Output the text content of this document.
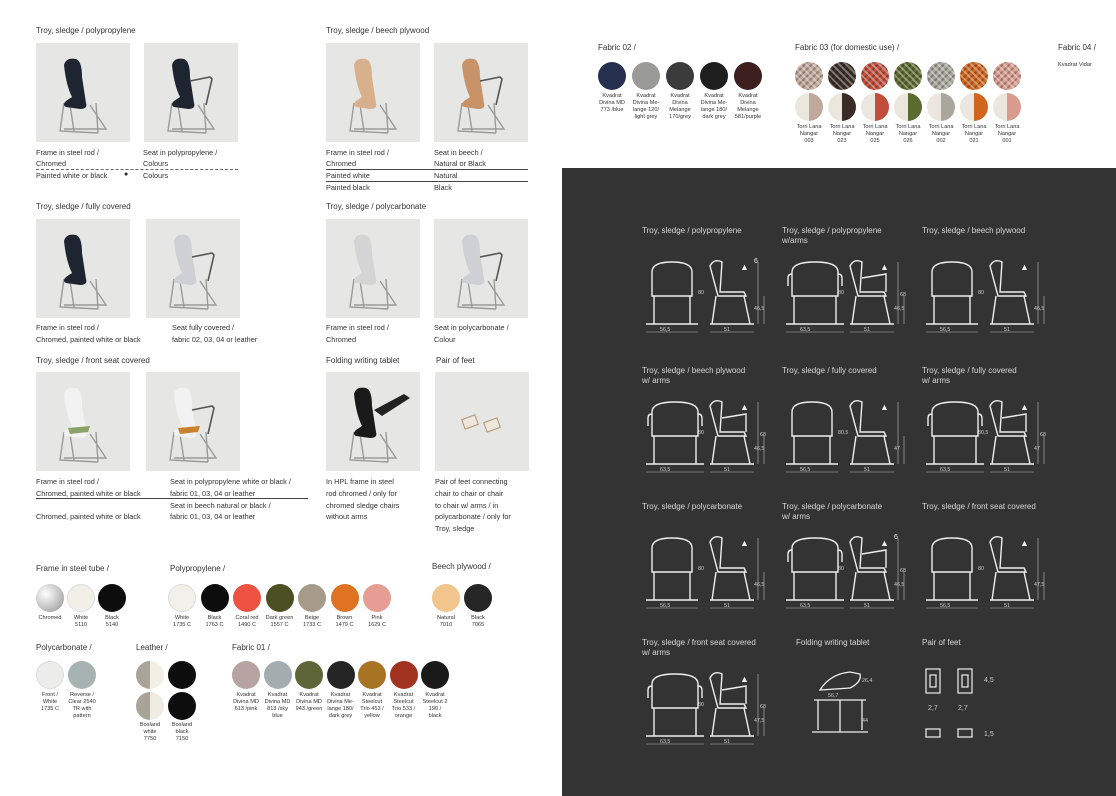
Troy, sledge / polypropylene
Frame in steel rod /
Chromed
Painted white or black
Seat in polypropylene /
Colours
Colours
●
Troy, sledge / beech plywood
Frame in steel rod /
Chromed
Painted white
Painted black
Seat in beech /
Natural or Black
Natural
Black
Troy, sledge / fully covered
Frame in steel rod /
Chromed, painted white or black
Seat fully covered /
fabric 02, 03, 04 or leather
Troy, sledge / polycarbonate
Frame in steel rod /
Chromed
Seat in polycarbonate /
Colour
Troy, sledge / front seat covered
Frame in steel rod /
Chromed, painted white or black
Chromed, painted white or black
Seat in polypropylene white or black /
fabric 01, 03, 04 or leather
Seat in beech natural or black /
fabric 01, 03, 04 or leather
Folding writing tablet
In HPL frame in steel
rod chromed / only for
chromed sledge chairs
without arms
Pair of feet
Pair of feet connecting
chair to chair or chair
to chair w/ arms / in
polycarbonate / only for
Troy, sledge
Frame in steel tube /	Polypropylene /	Beech plywood /
Polycarbonate /	Leather /	Fabric 01 /
Fabric 02 /	Fabric 03 (for domestic use) /	Fabric 04 /
Kvadrat Vidar
Troy, sledge / polypropylene
56,5	51
80
46,5
6
▲
Troy, sledge / polypropylene
w/arms
63,5	51
80
46,5
68
▲
Troy, sledge / beech plywood
56,5	51
80
46,5
▲
Troy, sledge / beech plywood
w/ arms
63,5	51
80
46,5
68
▲
Troy, sledge / fully covered
56,5	51
80,5
47
▲
Troy, sledge / fully covered
w/ arms
63,5	51
80,5
47
68
▲
Troy, sledge / polycarbonate
56,5	51
80
46,5
▲
Troy, sledge / polycarbonate
w/ arms
63,5	51
80
46,5
68
6
▲
Troy, sledge / front seat covered
56,5	51
80
47,5
▲
Troy, sledge / front seat covered
w/ arms
63,5	51
80
47,5
68
▲
Folding writing tablet
26,4
56,7
44
Pair of feet
4,5
2,7	2,7
1,5
Chromed	White
5110
Black
5140
White
1735 C
Black
1763 C
Coral red
1490 C
Dark green
1557 C
Beige
1733 C
Brown
1479 C
Pink
1629 C
Natural
7010
Black
7065
Front /
White
1735 C
Reverse /
Clear 2540
TR with
pattern
Boxland
white
7750
Boxland
black
7150
Kvadrat
Divina MD
613 /pink
Kvadrat
Divina MD
813 /sky
blue
Kvadrat
Divina MD
943 /green
Kvadrat
Divina Me-
lange 180/
dark grey
Kvadrat
Steelcut
Trio 453 /
yellow
Kvadrat
Steelcut
Trio 533 /
orange
Kvadrat
Steelcut 2
190 /
black
Kvadrat
Divina MD
773 /blue
Kvadrat
Divina Me-
lange 120/
light grey
Kvadrat
Divina
Melange
170/grey
Kvadrat
Divina Me-
lange 180/
dark grey
Kvadrat
Divina
Melange
581/purple
Torri Lana
Nangar
003
Torri Lana
Nangar
023
Torri Lana
Nangar
025
Torri Lana
Nangar
026
Torri Lana
Nangar
002
Torri Lana
Nangar
021
Torri Lana
Nangar
001
